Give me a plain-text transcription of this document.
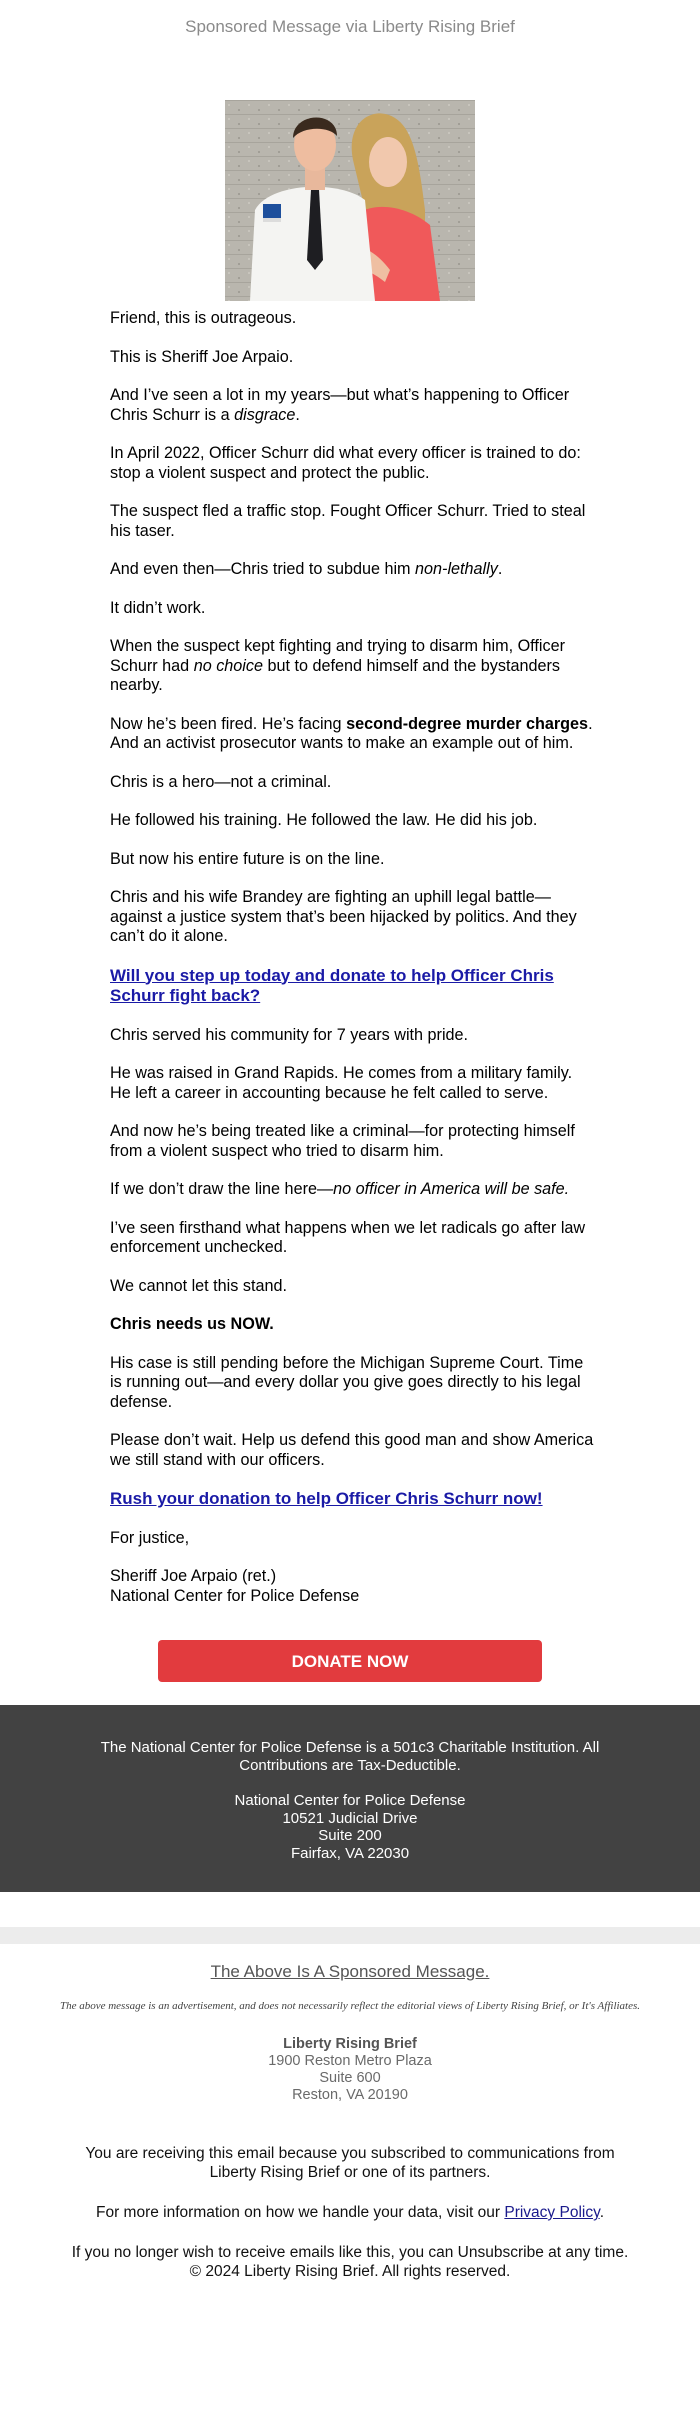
Sponsored Message via Liberty Rising Brief

Friend, this is outrageous.

This is Sheriff Joe Arpaio.

And I’ve seen a lot in my years—but what’s happening to Officer Chris Schurr is a disgrace.

In April 2022, Officer Schurr did what every officer is trained to do: stop a violent suspect and protect the public.

The suspect fled a traffic stop. Fought Officer Schurr. Tried to steal his taser.

And even then—Chris tried to subdue him non-lethally.

It didn’t work.

When the suspect kept fighting and trying to disarm him, Officer Schurr had no choice but to defend himself and the bystanders nearby.

Now he’s been fired. He’s facing second-degree murder charges. And an activist prosecutor wants to make an example out of him.

Chris is a hero—not a criminal.

He followed his training. He followed the law. He did his job.

But now his entire future is on the line.

Chris and his wife Brandey are fighting an uphill legal battle—against a justice system that’s been hijacked by politics. And they can’t do it alone.

Will you step up today and donate to help Officer Chris Schurr fight back?

Chris served his community for 7 years with pride.

He was raised in Grand Rapids. He comes from a military family. He left a career in accounting because he felt called to serve.

And now he’s being treated like a criminal—for protecting himself from a violent suspect who tried to disarm him.

If we don’t draw the line here—no officer in America will be safe.

I’ve seen firsthand what happens when we let radicals go after law enforcement unchecked.

We cannot let this stand.

Chris needs us NOW.

His case is still pending before the Michigan Supreme Court. Time is running out—and every dollar you give goes directly to his legal defense.

Please don’t wait. Help us defend this good man and show America we still stand with our officers.

Rush your donation to help Officer Chris Schurr now!

For justice,

Sheriff Joe Arpaio (ret.)
National Center for Police Defense

DONATE NOW
The National Center for Police Defense is a 501c3 Charitable Institution. All Contributions are Tax-Deductible.
National Center for Police Defense
10521 Judicial Drive
Suite 200
Fairfax, VA 22030
The Above Is A Sponsored Message.
The above message is an advertisement, and does not necessarily reflect the editorial views of Liberty Rising Brief, or It's Affiliates.
Liberty Rising Brief
1900 Reston Metro Plaza
Suite 600
Reston, VA 20190

You are receiving this email because you subscribed to communications from Liberty Rising Brief or one of its partners.

For more information on how we handle your data, visit our Privacy Policy.

If you no longer wish to receive emails like this, you can Unsubscribe at any time.
© 2024 Liberty Rising Brief. All rights reserved.
